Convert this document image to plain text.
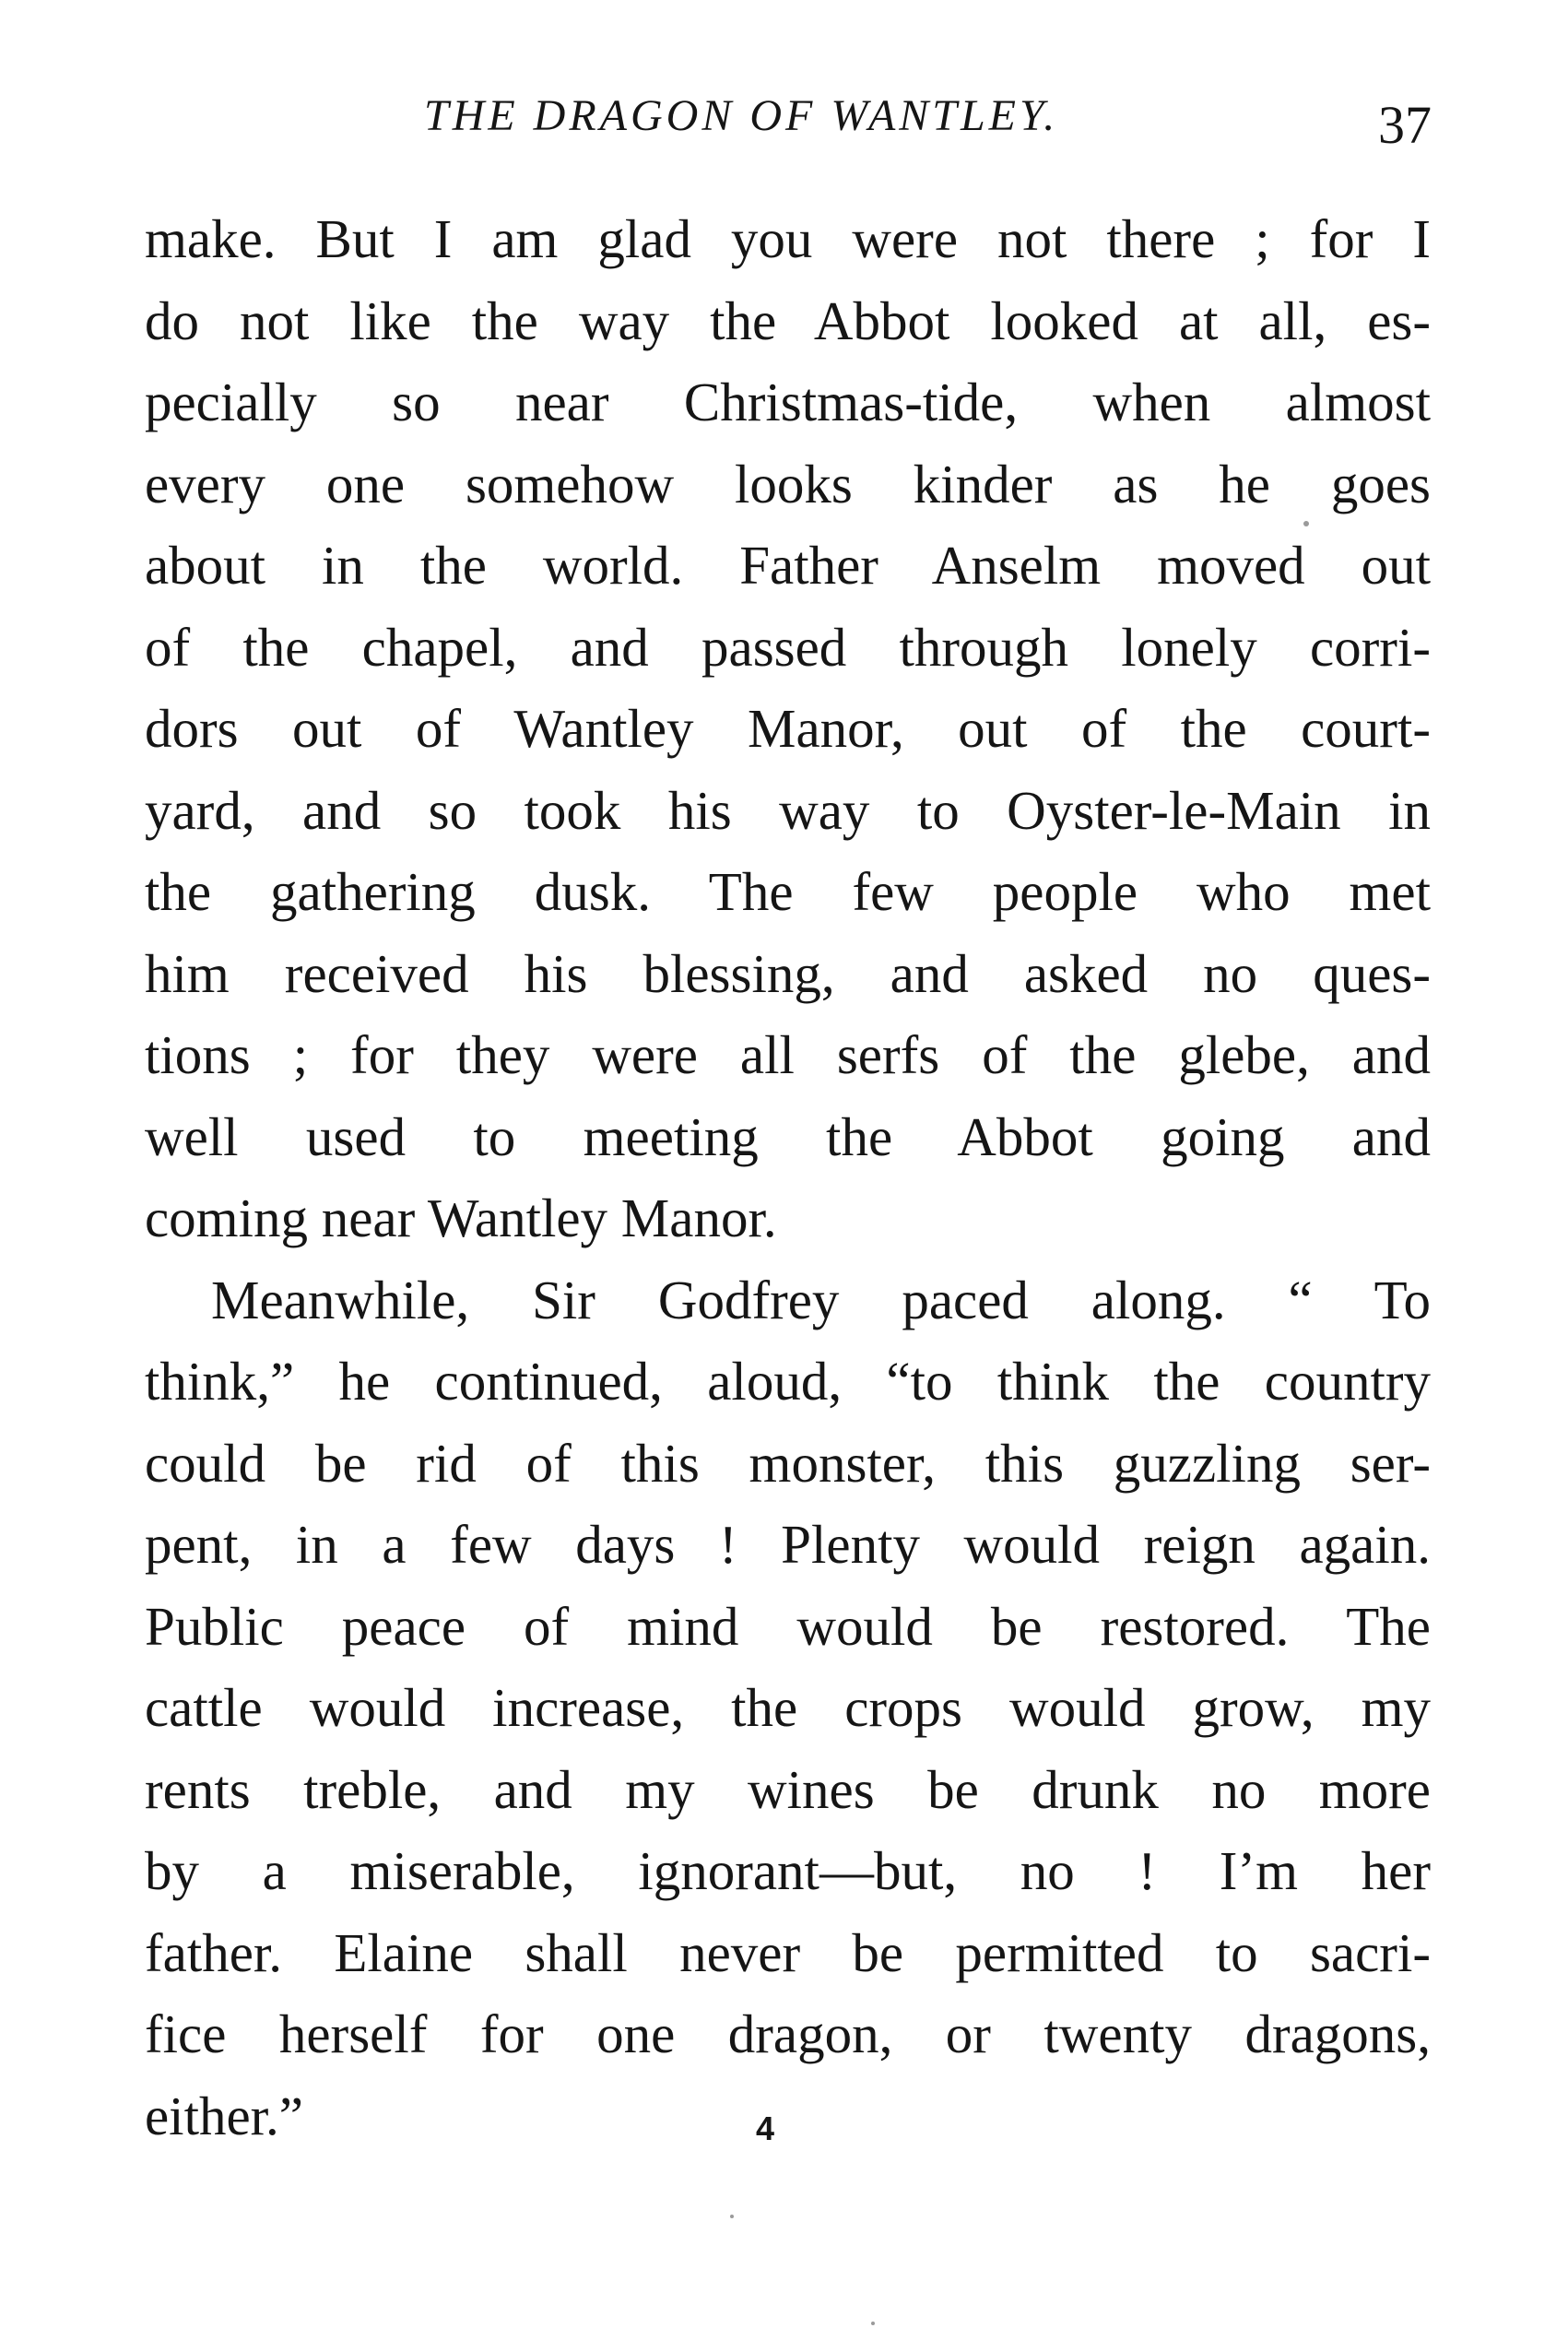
THE DRAGON OF WANTLEY.	37
make. But I am glad you were not there ; for I
do not like the way the Abbot looked at all, es-
pecially so near Christmas-tide, when almost
every one somehow looks kinder as he goes
about in the world. Father Anselm moved out
of the chapel, and passed through lonely corri-
dors out of Wantley Manor, out of the court-
yard, and so took his way to Oyster-le-Main in
the gathering dusk. The few people who met
him received his blessing, and asked no ques-
tions ; for they were all serfs of the glebe, and
well used to meeting the Abbot going and
coming near Wantley Manor.
Meanwhile, Sir Godfrey paced along. “ To
think,” he continued, aloud, “to think the country
could be rid of this monster, this guzzling ser-
pent, in a few days ! Plenty would reign again.
Public peace of mind would be restored. The
cattle would increase, the crops would grow, my
rents treble, and my wines be drunk no more
by a miserable, ignorant—but, no ! I’m her
father. Elaine shall never be permitted to sacri-
fice herself for one dragon, or twenty dragons,
either.”	4
